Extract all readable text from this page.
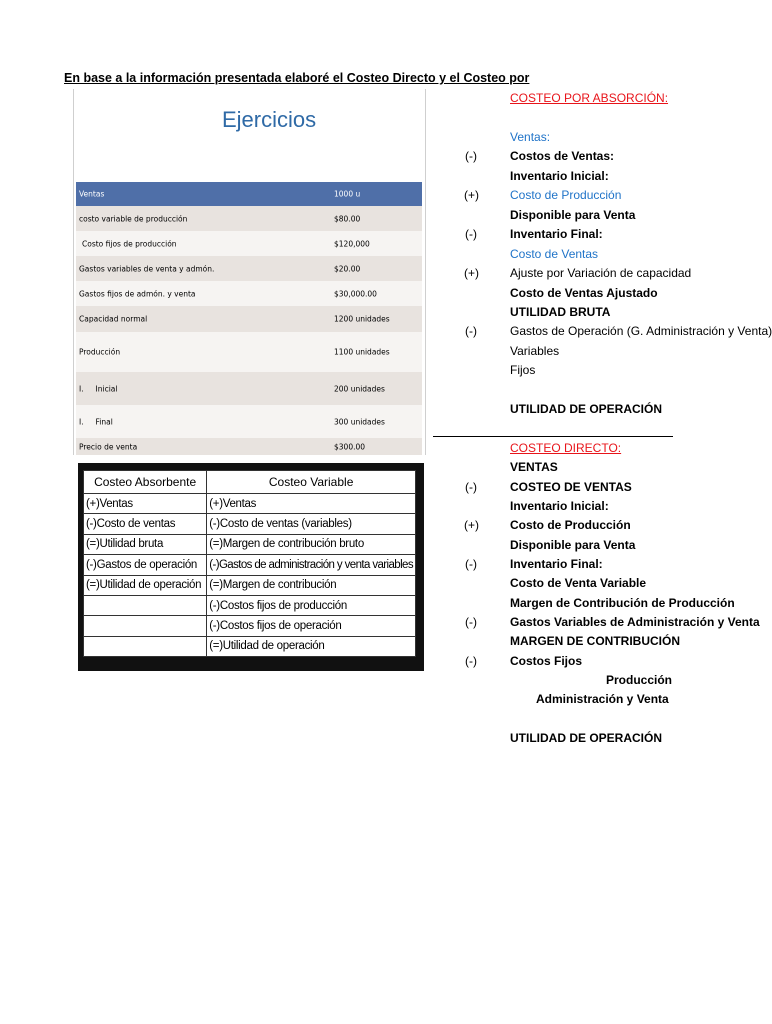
En base a la información presentada elaboré el Costeo Directo y el Costeo por
Ejercicios
Ventas	1000 u
costo variable de producción	$80.00
Costo fijos de producción	$120,000
Gastos variables de venta y admón.	$20.00
Gastos fijos de admón. y venta	$30,000.00
Capacidad normal	1200 unidades
Producción	1100 unidades
I.     Inicial	200 unidades
I.     Final	300 unidades
Precio de venta	$300.00
Costeo Absorbente	Costeo Variable
(+)Ventas	(+)Ventas
(-)Costo de ventas	(-)Costo de ventas (variables)
(=)Utilidad bruta	(=)Margen de contribución bruto
(-)Gastos de operación	(-)Gastos de administración y venta variables
(=)Utilidad de operación	(=)Margen de contribución
	(-)Costos fijos de producción
	(-)Costos fijos de operación
	(=)Utilidad de operación
COSTEO POR ABSORCIÓN:
Ventas:
(-)	Costos de Ventas:
Inventario Inicial:
(+)	Costo de Producción
Disponible para Venta
(-)	Inventario Final:
Costo de Ventas
(+)	Ajuste por Variación de capacidad
Costo de Ventas Ajustado
UTILIDAD BRUTA
(-)	Gastos de Operación (G. Administración y Venta)
Variables
Fijos
UTILIDAD DE OPERACIÓN
COSTEO DIRECTO:
VENTAS
(-)	COSTEO DE VENTAS
Inventario Inicial:
(+)	Costo de Producción
Disponible para Venta
(-)	Inventario Final:
Costo de Venta Variable
Margen de Contribución de Producción
(-)	Gastos Variables de Administración y Venta
MARGEN DE CONTRIBUCIÓN
(-)	Costos Fijos
Producción
Administración y Venta
UTILIDAD DE OPERACIÓN
